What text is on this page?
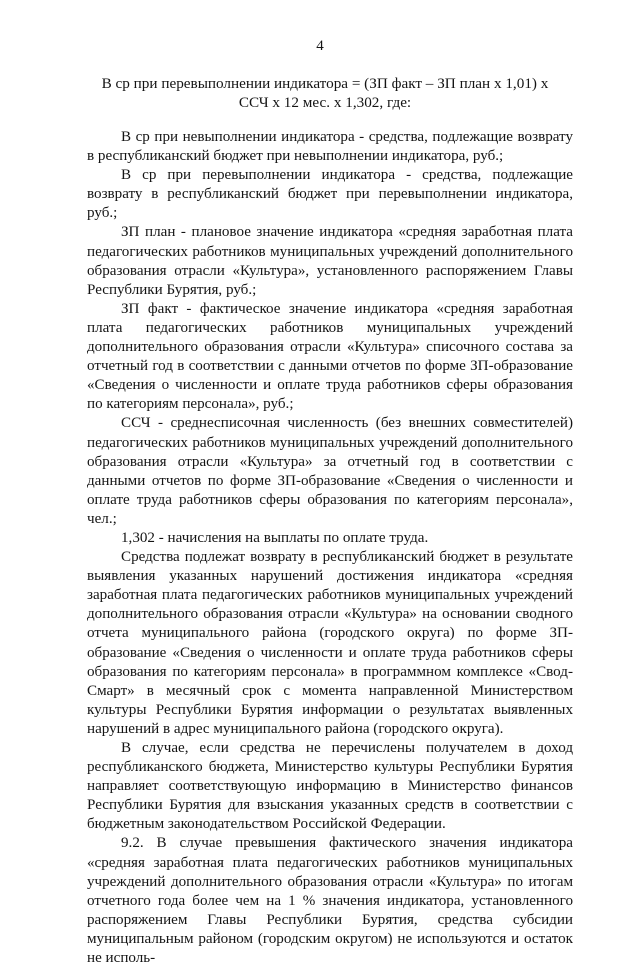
4
В ср при перевыполнении индикатора = (ЗП факт – ЗП план х 1,01) х
ССЧ х 12 мес. х 1,302, где:

В ср при невыполнении индикатора - средства, подлежащие возврату в республиканский бюджет при невыполнении индикатора, руб.;

В ср при перевыполнении индикатора - средства, подлежащие возврату в республиканский бюджет при перевыполнении индикатора, руб.;

ЗП план - плановое значение индикатора «средняя заработная плата педагогических работников муниципальных учреждений дополнительного образования отрасли «Культура», установленного распоряжением Главы Республики Бурятия, руб.;

ЗП факт - фактическое значение индикатора «средняя заработная плата педагогических работников муниципальных учреждений дополнительного образования отрасли «Культура» списочного состава за отчетный год в соответствии с данными отчетов по форме ЗП-образование «Сведения о численности и оплате труда работников сферы образования по категориям персонала», руб.;

ССЧ - среднесписочная численность (без внешних совместителей) педагогических работников муниципальных учреждений дополнительного образования отрасли «Культура» за отчетный год в соответствии с данными отчетов по форме ЗП-образование «Сведения о численности и оплате труда работников сферы образования по категориям персонала», чел.;

1,302 - начисления на выплаты по оплате труда.

Средства подлежат возврату в республиканский бюджет в результате выявления указанных нарушений достижения индикатора «средняя заработная плата педагогических работников муниципальных учреждений дополнительного образования отрасли «Культура» на основании сводного отчета муниципального района (городского округа) по форме ЗП-образование «Сведения о численности и оплате труда работников сферы образования по категориям персонала» в программном комплексе «Свод-Смарт» в месячный срок с момента направленной Министерством культуры Республики Бурятия информации о результатах выявленных нарушений в адрес муниципального района (городского округа).

В случае, если средства не перечислены получателем в доход республиканского бюджета, Министерство культуры Республики Бурятия направляет соответствующую информацию в Министерство финансов Республики Бурятия для взыскания указанных средств в соответствии с бюджетным законодательством Российской Федерации.

9.2. В случае превышения фактического значения индикатора «средняя заработная плата педагогических работников муниципальных учреждений дополнительного образования отрасли «Культура» по итогам отчетного года более чем на 1 % значения индикатора, установленного распоряжением Главы Республики Бурятия, средства субсидии муниципальным районом (городским округом) не используются и остаток не исполь-
